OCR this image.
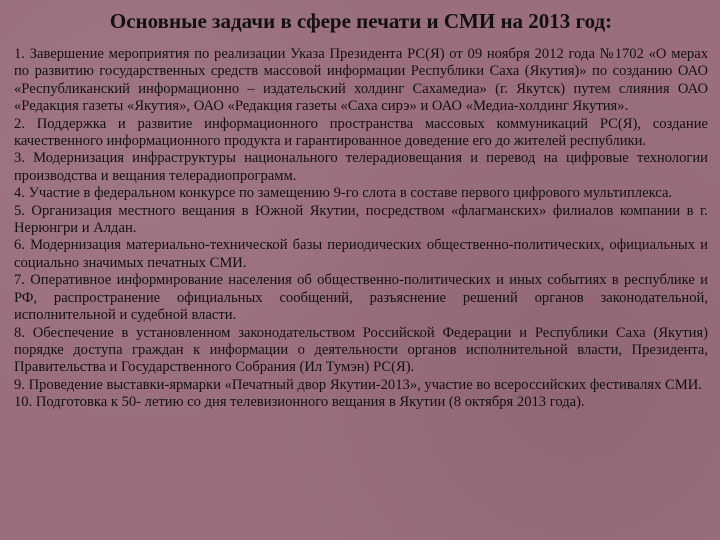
Основные задачи в сфере печати и СМИ на 2013 год:

1. Завершение мероприятия по реализации Указа Президента РС(Я) от 09 ноября 2012 года №1702 «О мерах по развитию государственных средств массовой информации Республики Саха (Якутия)» по созданию ОАО «Республиканский информационно – издательский холдинг Сахамедиа» (г. Якутск) путем слияния ОАО «Редакция газеты «Якутия», ОАО «Редакция газеты «Саха сирэ» и ОАО «Медиа-холдинг Якутия».

2. Поддержка и развитие информационного пространства массовых коммуникаций РС(Я), создание качественного информационного продукта и гарантированное доведение его до жителей республики.

3. Модернизация инфраструктуры национального телерадиовещания и перевод на цифровые технологии производства и вещания телерадиопрограмм.

4. Участие в федеральном конкурсе по замещению 9-го слота в составе первого цифрового мультиплекса.

5. Организация местного вещания в Южной Якутии, посредством «флагманских» филиалов компании в г. Нерюнгри и Алдан.

6. Модернизация материально-технической базы периодических общественно-политических, официальных и социально значимых печатных СМИ.

7. Оперативное информирование населения об общественно-политических и иных событиях в республике и РФ, распространение официальных сообщений, разъяснение решений органов законодательной, исполнительной и судебной власти.

8. Обеспечение в установленном законодательством Российской Федерации и Республики Саха (Якутия) порядке доступа граждан к информации о деятельности органов исполнительной власти, Президента, Правительства и Государственного Собрания (Ил Тумэн) РС(Я).

9. Проведение выставки-ярмарки «Печатный двор Якутии-2013», участие во всероссийских фестивалях СМИ.

10. Подготовка к 50- летию со дня телевизионного вещания в Якутии (8 октября 2013 года).
